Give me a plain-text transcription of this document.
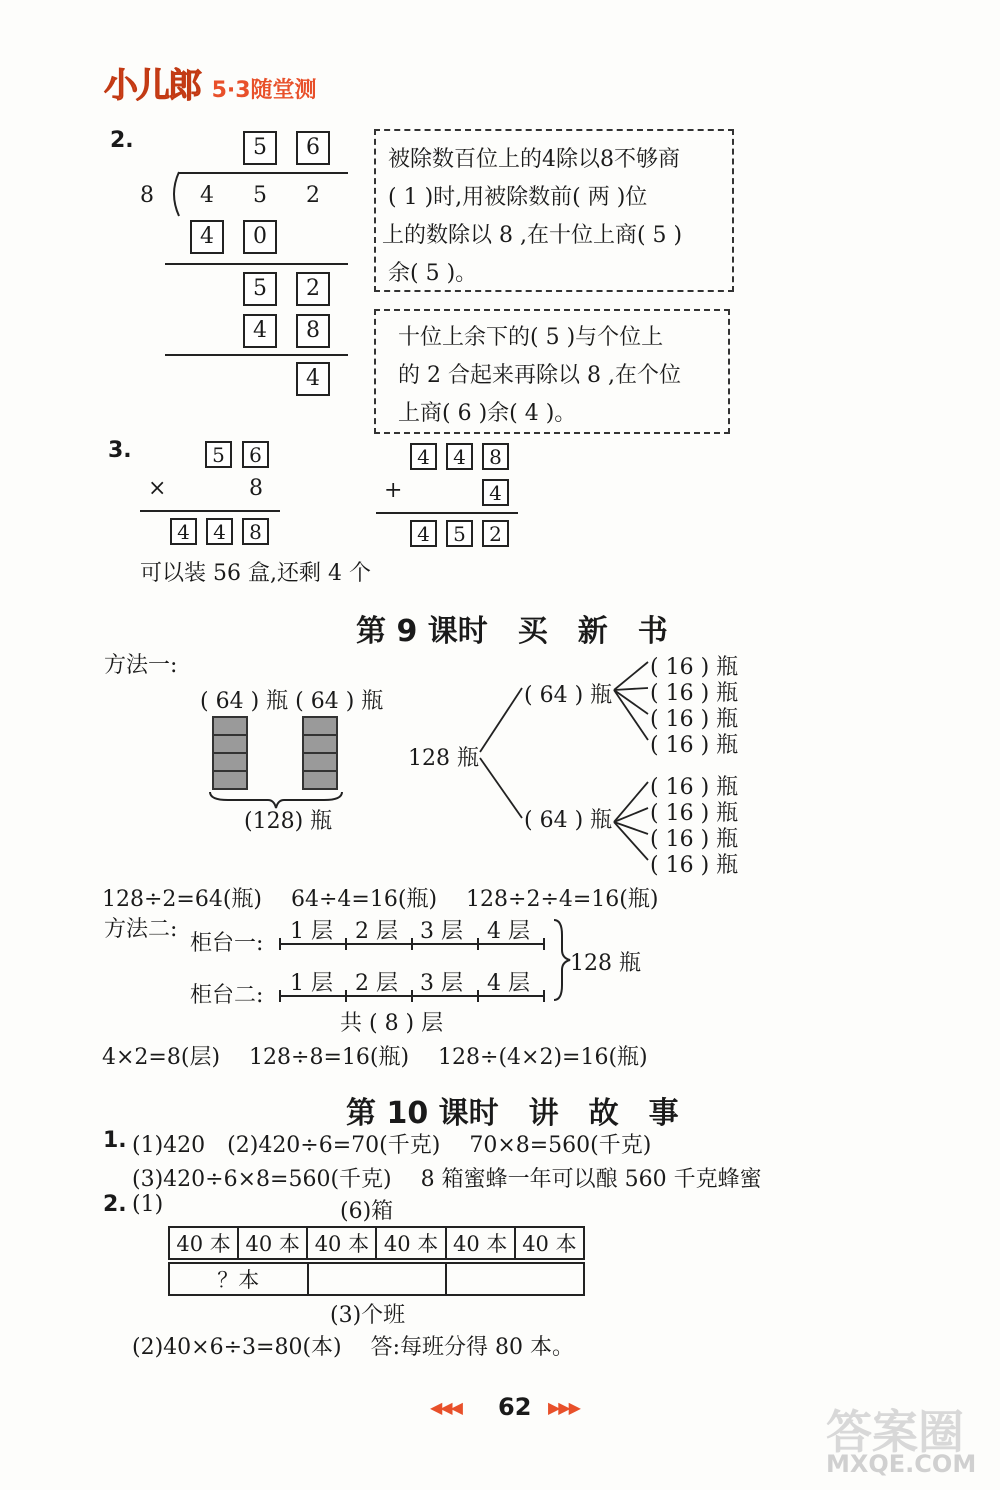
小儿郎 5·3随堂测
2.	5	6
8 4 5 2
4	0
5	2
4	8
4
被除数百位上的4除以8不够商
( 1 )时,用被除数前( 两 )位
上的数除以 8 ,在十位上商( 5 )
余( 5 )。
十位上余下的( 5 )与个位上
的 2 合起来再除以 8 ,在个位
上商( 6 )余( 4 )。
3.	5	6
×	8
4	4	8
4	4	8
+	4
4	5	2
可以装 56 盒,还剩 4 个
第 9 课时　买　新　书
方法一:
( 64 ) 瓶 ( 64 ) 瓶
(128) 瓶
128 瓶
( 64 ) 瓶
( 64 ) 瓶
( 16 ) 瓶
( 16 ) 瓶
( 16 ) 瓶
( 16 ) 瓶
( 16 ) 瓶
( 16 ) 瓶
( 16 ) 瓶
( 16 ) 瓶
128÷2=64(瓶)　 64÷4=16(瓶)　 128÷2÷4=16(瓶)
方法二:
柜台一: 1 层 2 层 3 层 4 层
柜台二: 1 层 2 层 3 层 4 层
128 瓶
共 ( 8 ) 层
4×2=8(层)　 128÷8=16(瓶)　 128÷(4×2)=16(瓶)
第 10 课时　讲　故　事
1. (1)420　(2)420÷6=70(千克)　 70×8=560(千克)
(3)420÷6×8=560(千克)　 8 箱蜜蜂一年可以酿 560 千克蜂蜜
2. (1)	(6)箱
40 本	40 本	40 本	40 本	40 本	40 本
？本		
(3)个班
(2)40×6÷3=80(本)　 答:每班分得 80 本。
◀◀◀ 62 ▶▶▶	答案圈
MXQE.COM
